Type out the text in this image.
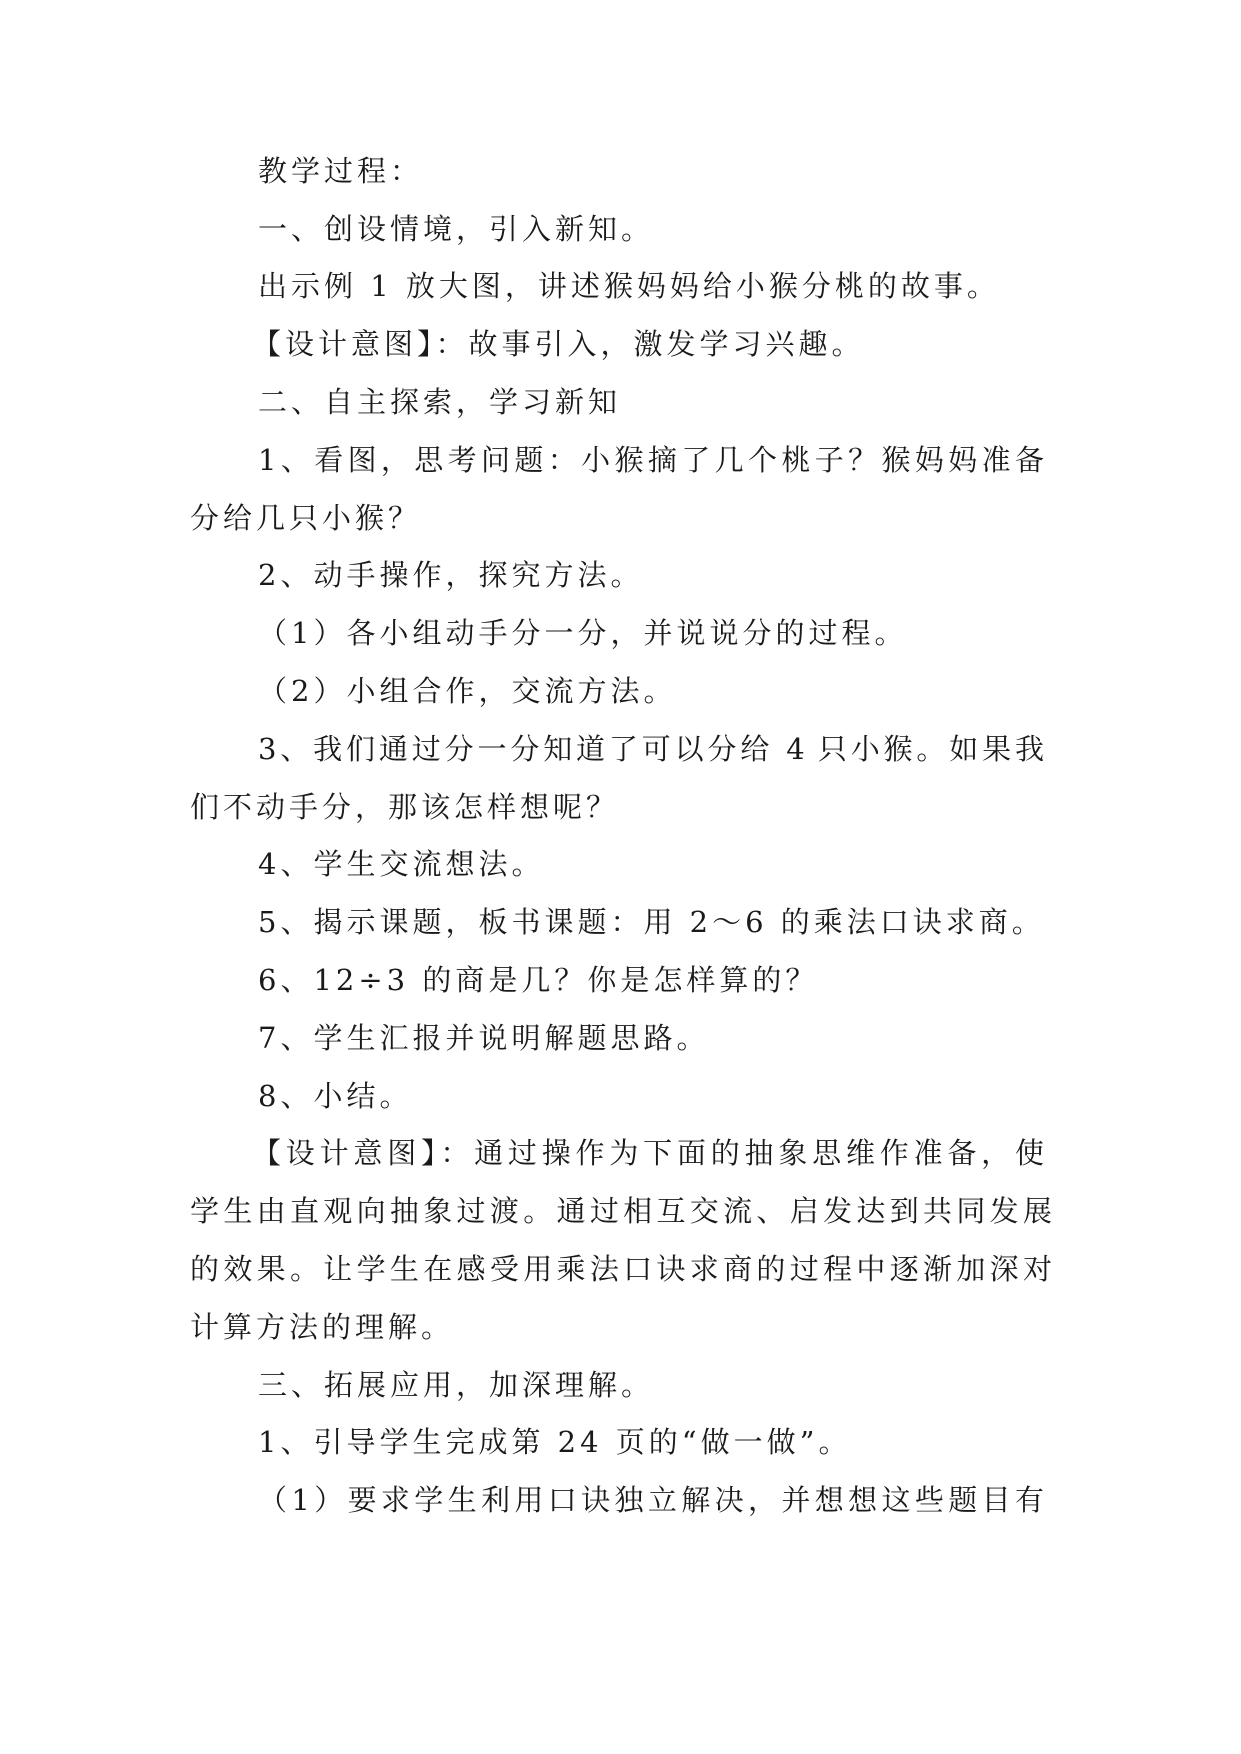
教学过程：
一、创设情境，引入新知。
出示例 1 放大图，讲述猴妈妈给小猴分桃的故事。
【设计意图】：故事引入，激发学习兴趣。
二、自主探索，学习新知
1、看图，思考问题：小猴摘了几个桃子？猴妈妈准备
分给几只小猴？
2、动手操作，探究方法。
（1）各小组动手分一分，并说说分的过程。
（2）小组合作，交流方法。
3、我们通过分一分知道了可以分给 4 只小猴。如果我
们不动手分，那该怎样想呢？
4、学生交流想法。
5、揭示课题，板书课题：用 2～6 的乘法口诀求商。
6、12÷3 的商是几？你是怎样算的？
7、学生汇报并说明解题思路。
8、小结。
【设计意图】：通过操作为下面的抽象思维作准备，使
学生由直观向抽象过渡。通过相互交流、启发达到共同发展
的效果。让学生在感受用乘法口诀求商的过程中逐渐加深对
计算方法的理解。
三、拓展应用，加深理解。
1、引导学生完成第 24 页的“做一做”。
（1）要求学生利用口诀独立解决，并想想这些题目有
